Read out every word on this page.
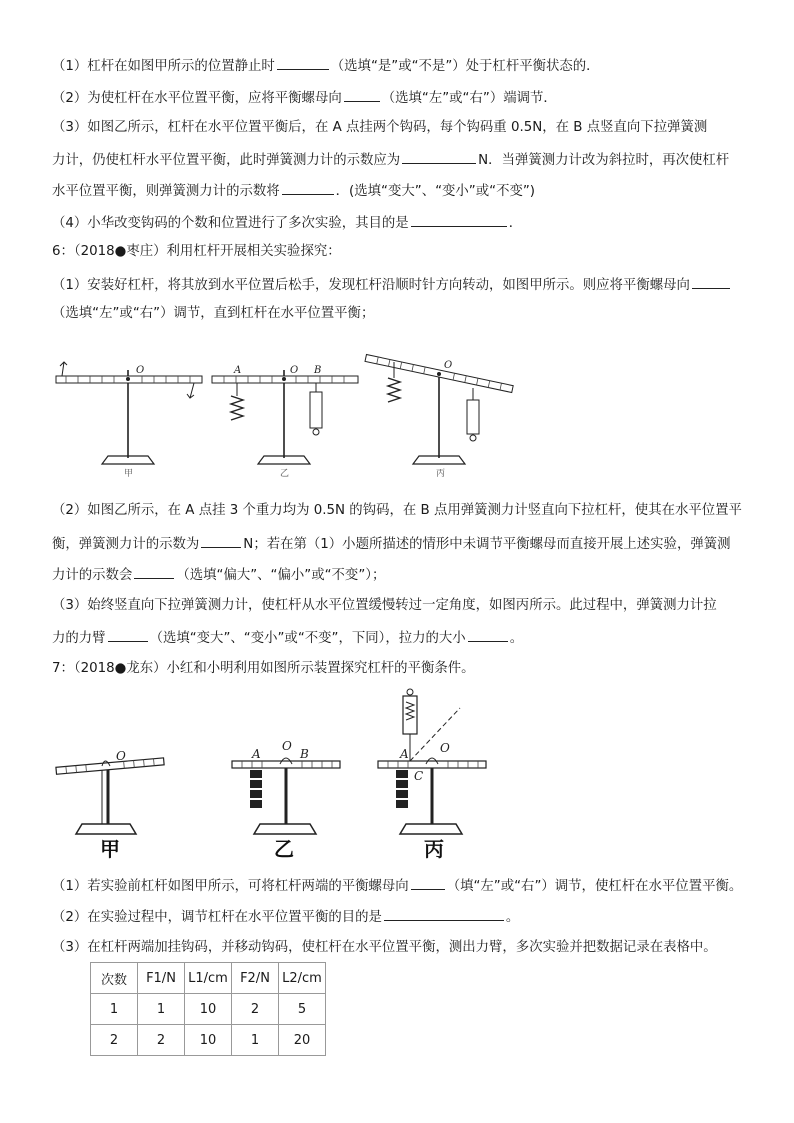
（1）杠杆在如图甲所示的位置静止时	（选填“是”或“不是”）处于杠杆平衡状态的．
（2）为使杠杆在水平位置平衡，应将平衡螺母向	（选填“左”或“右”）端调节．
（3）如图乙所示，杠杆在水平位置平衡后，在 A 点挂两个钩码，每个钩码重 0.5N，在 B 点竖直向下拉弹簧测
力计，仍使杠杆水平位置平衡，此时弹簧测力计的示数应为	N．当弹簧测力计改为斜拉时，再次使杠杆
水平位置平衡，则弹簧测力计的示数将	．(选填“变大”、“变小”或“不变”)
（4）小华改变钩码的个数和位置进行了多次实验，其目的是	．
6：（2018●枣庄）利用杠杆开展相关实验探究：
（1）安装好杠杆，将其放到水平位置后松手，发现杠杆沿顺时针方向转动，如图甲所示。则应将平衡螺母向
（选填“左”或“右”）调节，直到杠杆在水平位置平衡；
O
甲
A	O B
乙
O
丙
（2）如图乙所示，在 A 点挂 3 个重力均为 0.5N 的钩码，在 B 点用弹簧测力计竖直向下拉杠杆，使其在水平位置平
衡，弹簧测力计的示数为	N；若在第（1）小题所描述的情形中未调节平衡螺母而直接开展上述实验，弹簧测
力计的示数会	（选填“偏大”、“偏小”或“不变”）；
（3）始终竖直向下拉弹簧测力计，使杠杆从水平位置缓慢转过一定角度，如图丙所示。此过程中，弹簧测力计拉
力的力臂	（选填“变大”、“变小”或“不变”，下同），拉力的大小	。
7：（2018●龙东）小红和小明利用如图所示装置探究杠杆的平衡条件。
O
甲
A
O
B
乙
A	O
C
丙
（1）若实验前杠杆如图甲所示，可将杠杆两端的平衡螺母向	（填“左”或“右”）调节，使杠杆在水平位置平衡。
（2）在实验过程中，调节杠杆在水平位置平衡的目的是	。
（3）在杠杆两端加挂钩码，并移动钩码，使杠杆在水平位置平衡，测出力臂，多次实验并把数据记录在表格中。
次数	F1/N	L1/cm	F2/N	L2/cm
1	1	10	2	5
2	2	10	1	20
